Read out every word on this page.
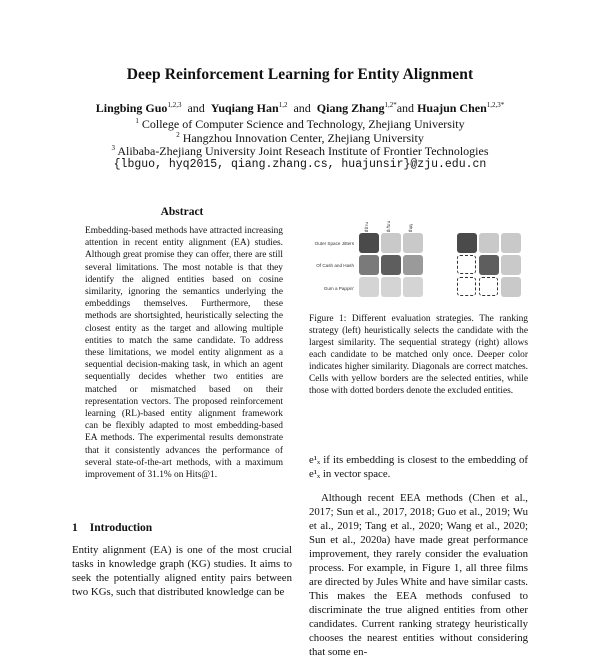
Deep Reinforcement Learning for Entity Alignment
Lingbing Guo$^{1,2,3}$ and Yuqiang Han$^{1,2}$ and Qiang Zhang$^{1,2*}$and Huajun Chen$^{1,2,3*}$
$^1$ College of Computer Science and Technology, Zhejiang University
$^2$ Hangzhou Innovation Center, Zhejiang University
$^3$ Alibaba-Zhejiang University Joint Reseach Institute of Frontier Technologies
{lbguo, hyq2015, qiang.zhang.cs, huajunsir}@zju.edu.cn
Abstract

Embedding-based methods have attracted increasing attention in recent entity alignment (EA) studies. Although great promise they can offer, there are still several limitations. The most notable is that they identify the aligned entities based on cosine similarity, ignoring the semantics underlying the embeddings themselves. Furthermore, these methods are shortsighted, heuristically selecting the closest entity as the target and allowing multiple entities to match the same candidate. To address these limitations, we model entity alignment as a sequential decision-making task, in which an agent sequentially decides whether two entities are matched or mismatched based on their representation vectors. The proposed reinforcement learning (RL)-based entity alignment framework can be flexibly adapted to most embedding-based EA methods. The experimental results demonstrate that it consistently advances the performance of several state-of-the-art methods, with a maximum improvement of 31.1% on Hits@1.

1 Introduction

Entity alignment (EA) is one of the most crucial tasks in knowledge graph (KG) studies. It aims to seek the potentially aligned entity pairs between two KGs, such that distributed knowledge can be

ผีบ้าน	ผีเรือน	ผีบุญ
Outer Space Jitters
Of Cash and Hash
Gum a Pappin'
Figure 1: Different evaluation strategies. The ranking strategy (left) heuristically selects the candidate with the largest similarity. The sequential strategy (right) allows each candidate to be matched only once. Deeper color indicates higher similarity. Diagonals are correct matches. Cells with yellow borders are the selected entities, while those with dotted borders denote the excluded entities.

e¹ₓ if its embedding is closest to the embedding of e¹ₓ in vector space.

Although recent EEA methods (Chen et al., 2017; Sun et al., 2017, 2018; Guo et al., 2019; Wu et al., 2019; Tang et al., 2020; Wang et al., 2020; Sun et al., 2020a) have made great performance improvement, they rarely consider the evaluation process. For example, in Figure 1, all three films are directed by Jules White and have similar casts. This makes the EEA methods confused to discriminate the true aligned entities from other candidates. Current ranking strategy heuristically chooses the nearest entities without considering that some en-
